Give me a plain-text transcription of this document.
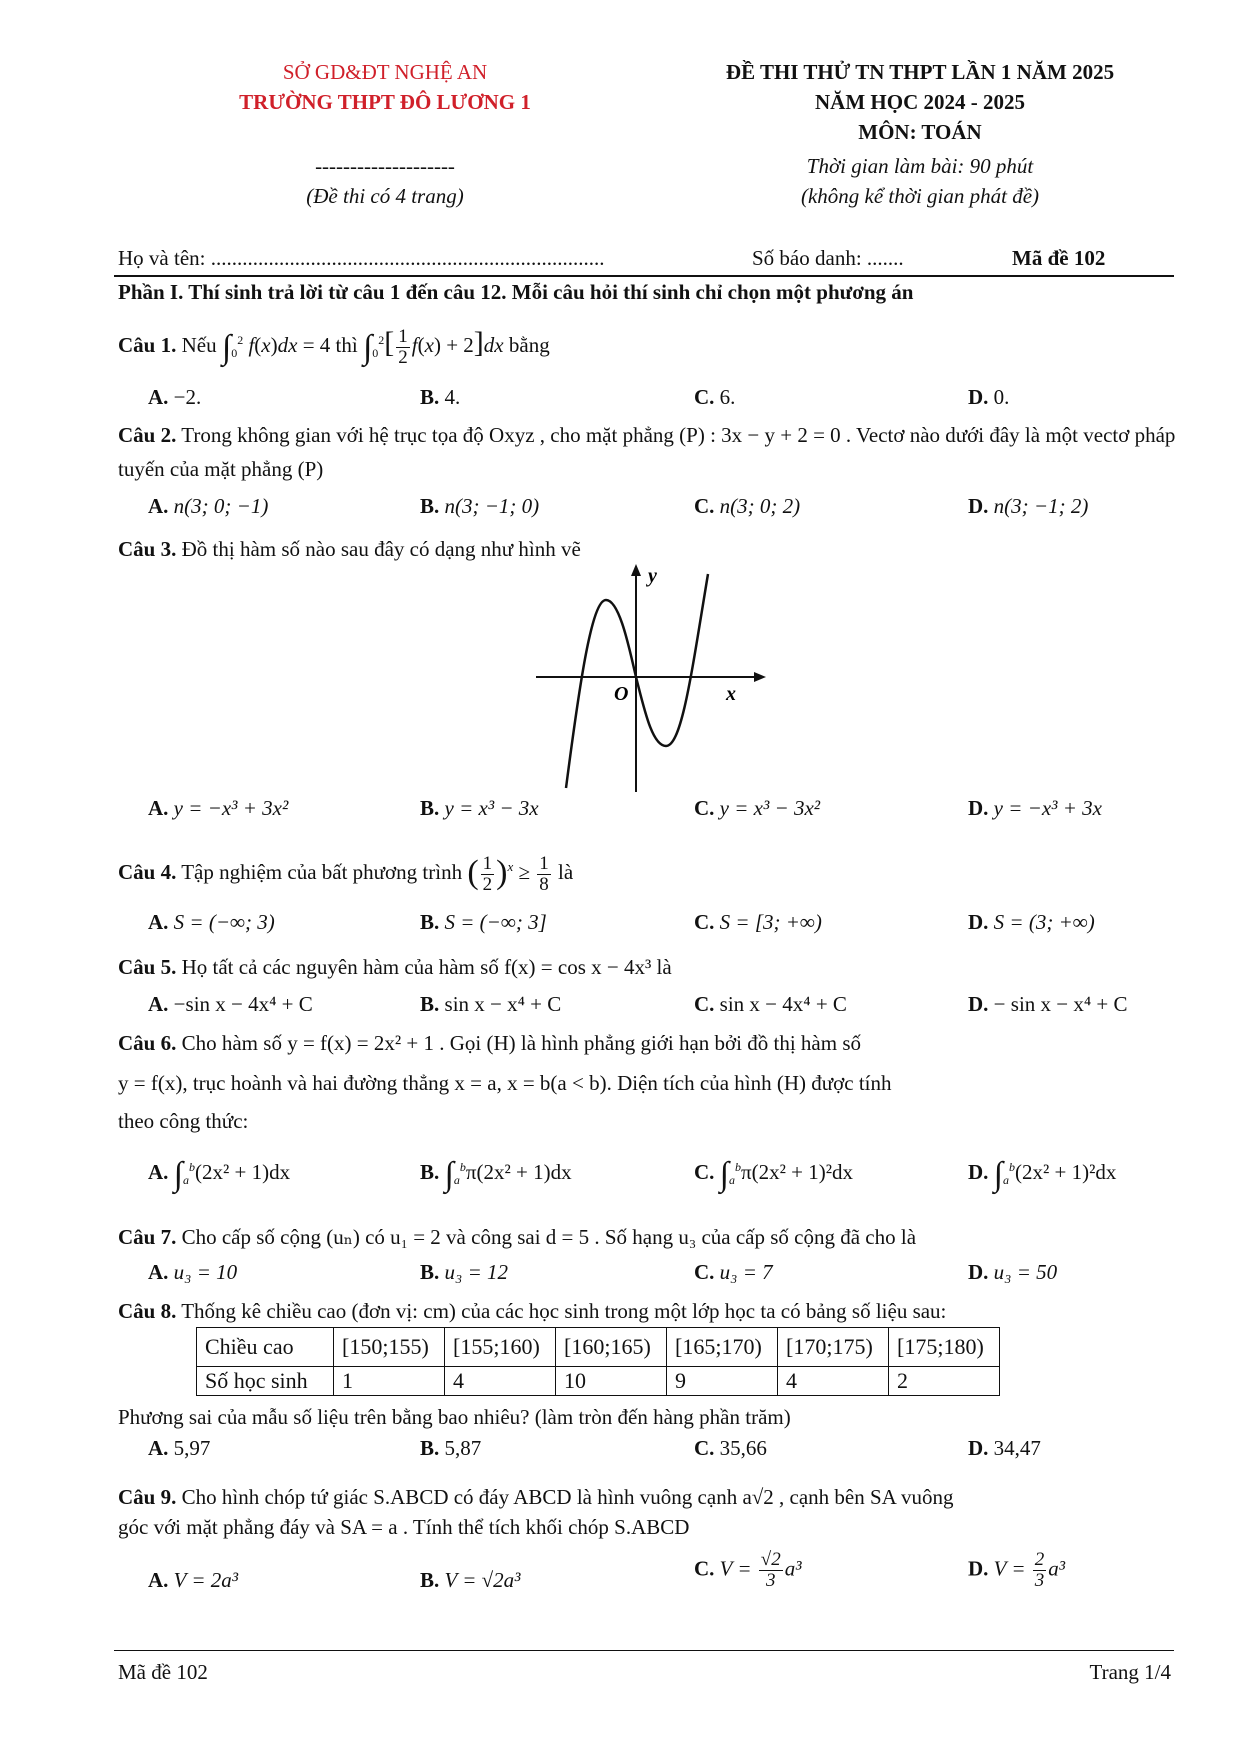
SỞ GD&ĐT NGHỆ AN
TRƯỜNG THPT ĐÔ LƯƠNG 1
--------------------
(Đề thi có 4 trang)
ĐỀ THI THỬ TN THPT LẦN 1 NĂM 2025
NĂM HỌC 2024 - 2025
MÔN: TOÁN
Thời gian làm bài: 90 phút
(không kể thời gian phát đề)
Họ và tên: ...........................................................................	Số báo danh: .......	Mã đề 102
Phần I. Thí sinh trả lời từ câu 1 đến câu 12. Mỗi câu hỏi thí sinh chỉ chọn một phương án
Câu 1. Nếu $\int_0^2$ f(x)dx = 4 thì $\int_0^2[ \frac{1}{2} f(x) + 2]dx$ bằng
A. −2.	B. 4.	C. 6.	D. 0.
Câu 2. Trong không gian với hệ trục tọa độ Oxyz , cho mặt phẳng (P) : 3x − y + 2 = 0 . Vectơ nào dưới đây là một vectơ pháp tuyến của mặt phẳng (P)
A. n(3; 0; −1)	B. n(3; −1; 0)	C. n(3; 0; 2)	D. n(3; −1; 2)
Câu 3. Đồ thị hàm số nào sau đây có dạng như hình vẽ
y
x
O
A. y = −x³ + 3x²	B. y = x³ − 3x	C. y = x³ − 3x²	D. y = −x³ + 3x
Câu 4. Tập nghiệm của bất phương trình ( $\frac{1}{2} )^x \ge \frac{1}{8}$ là
A. S = (−∞; 3)	B. S = (−∞; 3]	C. S = [3; +∞)	D. S = (3; +∞)
Câu 5. Họ tất cả các nguyên hàm của hàm số f(x) = cos x − 4x³ là
A. −sin x − 4x⁴ + C	B. sin x − x⁴ + C	C. sin x − 4x⁴ + C	D. − sin x − x⁴ + C
Câu 6. Cho hàm số y = f(x) = 2x² + 1 . Gọi (H) là hình phẳng giới hạn bởi đồ thị hàm số
y = f(x), trục hoành và hai đường thẳng x = a, x = b(a < b). Diện tích của hình (H) được tính
theo công thức:
A. $\int_a^b(2x^2 + 1)dx$	B. $\int_a^b\pi(2x^2 + 1)dx$	C. $\int_a^b\pi(2x^2 + 1)^2dx$	D. $\int_a^b(2x^2 + 1)^2dx$
Câu 7. Cho cấp số cộng (uₙ) có u₁ = 2 và công sai d = 5 . Số hạng u₃ của cấp số cộng đã cho là
A. u₃ = 10	B. u₃ = 12	C. u₃ = 7	D. u₃ = 50
Câu 8. Thống kê chiều cao (đơn vị: cm) của các học sinh trong một lớp học ta có bảng số liệu sau:
Chiều cao	[150;155)	[155;160)	[160;165)	[165;170)	[170;175)	[175;180)
Số học sinh	1	4	10	9	4	2
Phương sai của mẫu số liệu trên bằng bao nhiêu? (làm tròn đến hàng phần trăm)
A. 5,97	B. 5,87	C. 35,66	D. 34,47
Câu 9. Cho hình chóp tứ giác S.ABCD có đáy ABCD là hình vuông cạnh a√2 , cạnh bên SA vuông
góc với mặt phẳng đáy và SA = a . Tính thể tích khối chóp S.ABCD
A. V = 2a³	B. V = √2a³	C. $V = \frac{√2}{3} a^3$	D. $V = \frac{2}{3} a^3$
Mã đề 102	Trang 1/4
